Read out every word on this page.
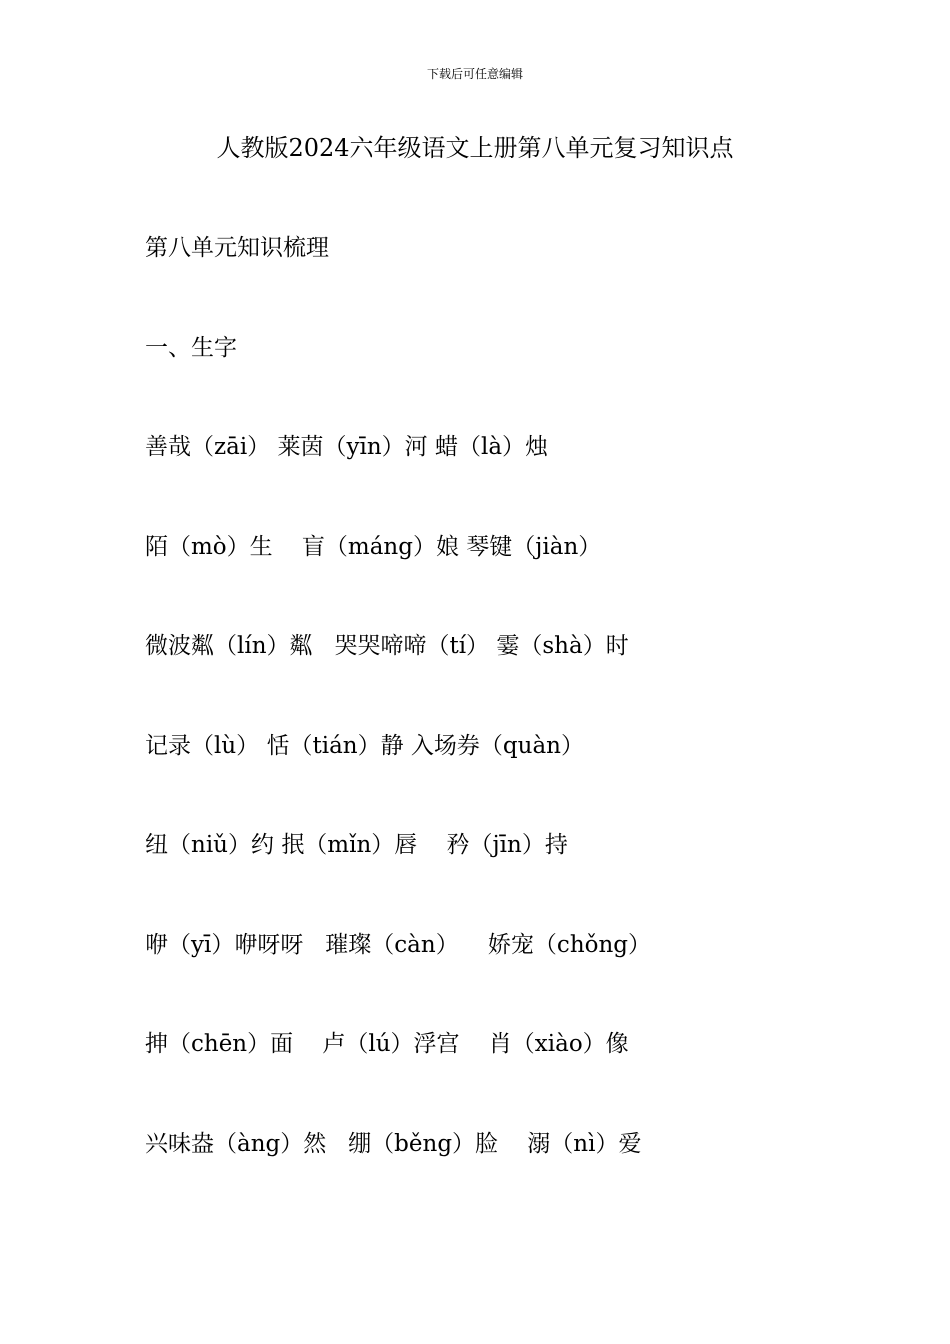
下载后可任意编辑
人教版2024六年级语文上册第八单元复习知识点

第八单元知识梳理

一、生字

善哉（zāi） 莱茵（yīn）河 蜡（là）烛

陌（mò）生    盲（máng）娘 琴键（jiàn）

微波粼（lín）粼   哭哭啼啼（tí） 霎（shà）时

记录（lù） 恬（tián）静 入场券（quàn）

纽（niǔ）约 抿（mǐn）唇    矜（jīn）持

咿（yī）咿呀呀   璀璨（càn）    娇宠（chǒng）

抻（chēn）面    卢（lú）浮宫    肖（xiào）像

兴味盎（àng）然   绷（běng）脸    溺（nì）爱
